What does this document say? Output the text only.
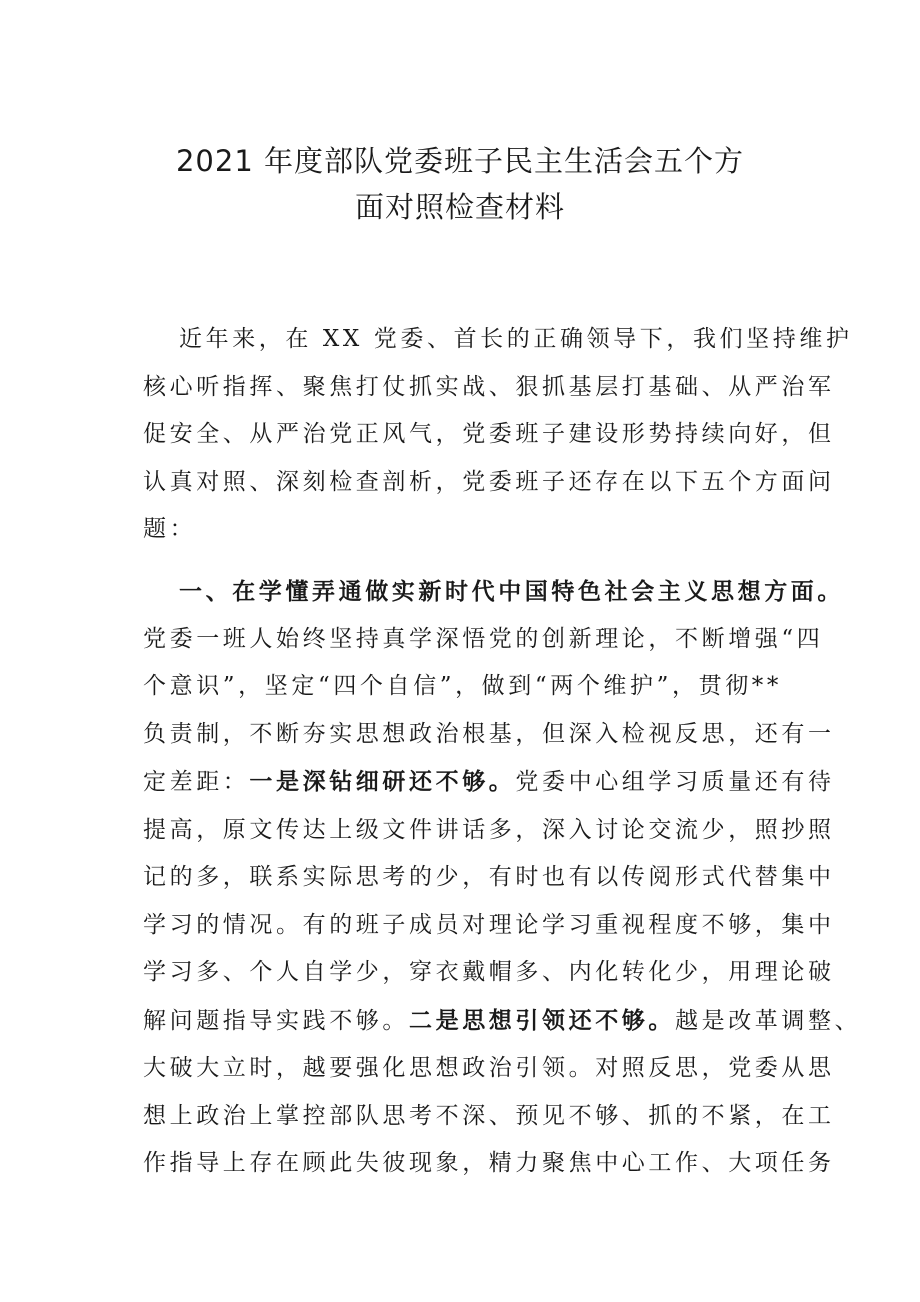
2021 年度部队党委班子民主生活会五个方
面对照检查材料
近年来，在 XX 党委、首长的正确领导下，我们坚持维护
核心听指挥、聚焦打仗抓实战、狠抓基层打基础、从严治军
促安全、从严治党正风气，党委班子建设形势持续向好，但
认真对照、深刻检查剖析，党委班子还存在以下五个方面问
题：
一、在学懂弄通做实新时代中国特色社会主义思想方面。
党委一班人始终坚持真学深悟党的创新理论，不断增强“四
个意识”，坚定“四个自信”，做到“两个维护”，贯彻**
负责制，不断夯实思想政治根基，但深入检视反思，还有一
定差距：一是深钻细研还不够。党委中心组学习质量还有待
提高，原文传达上级文件讲话多，深入讨论交流少，照抄照
记的多，联系实际思考的少，有时也有以传阅形式代替集中
学习的情况。有的班子成员对理论学习重视程度不够，集中
学习多、个人自学少，穿衣戴帽多、内化转化少，用理论破
解问题指导实践不够。二是思想引领还不够。越是改革调整、
大破大立时，越要强化思想政治引领。对照反思，党委从思
想上政治上掌控部队思考不深、预见不够、抓的不紧，在工
作指导上存在顾此失彼现象，精力聚焦中心工作、大项任务
